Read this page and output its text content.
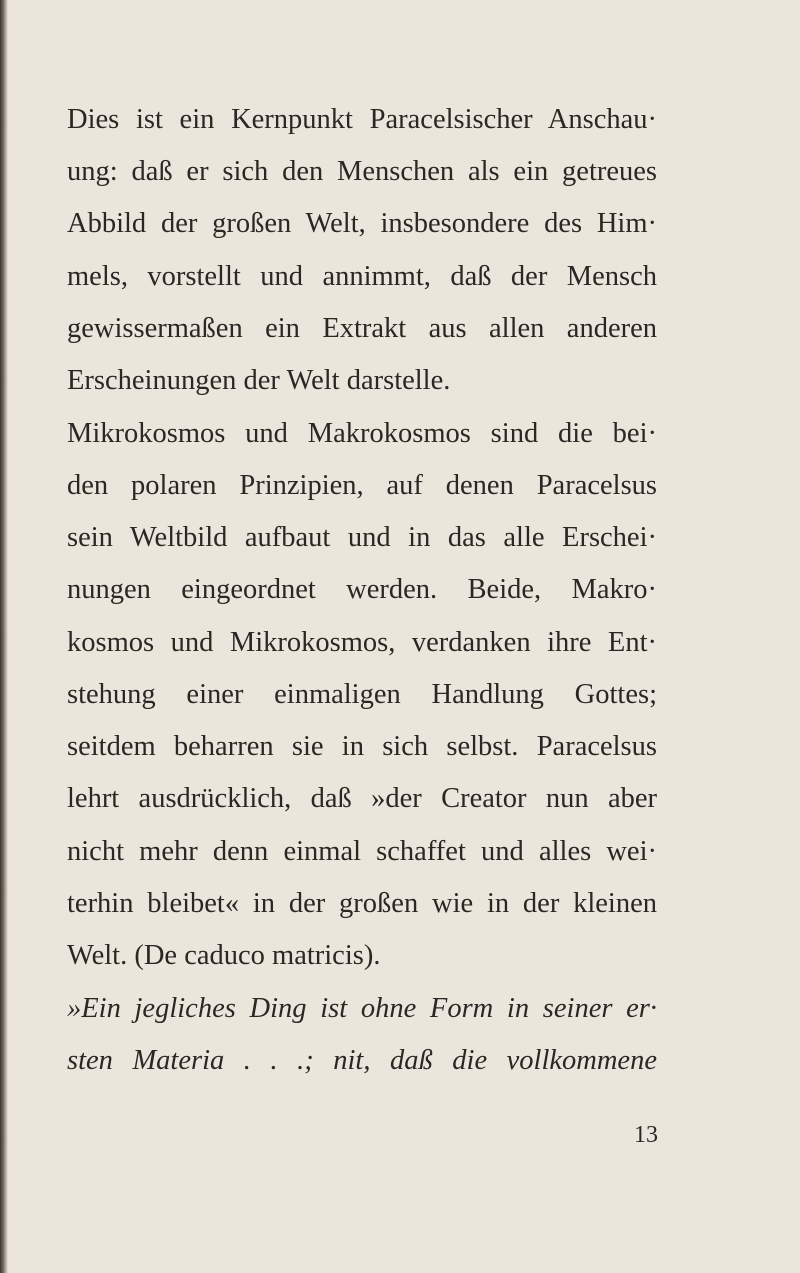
Dies ist ein Kernpunkt Paracelsischer Anschau·
ung: daß er sich den Menschen als ein getreues
Abbild der großen Welt, insbesondere des Him·
mels, vorstellt und annimmt, daß der Mensch
gewissermaßen ein Extrakt aus allen anderen
Erscheinungen der Welt darstelle.
Mikrokosmos und Makrokosmos sind die bei·
den polaren Prinzipien, auf denen Paracelsus
sein Weltbild aufbaut und in das alle Erschei·
nungen eingeordnet werden. Beide, Makro·
kosmos und Mikrokosmos, verdanken ihre Ent·
stehung einer einmaligen Handlung Gottes;
seitdem beharren sie in sich selbst. Paracelsus
lehrt ausdrücklich, daß »der Creator nun aber
nicht mehr denn einmal schaffet und alles wei·
terhin bleibet« in der großen wie in der kleinen
Welt. (De caduco matricis).
»Ein jegliches Ding ist ohne Form in seiner er·
sten Materia . . .; nit, daß die vollkommene
13
